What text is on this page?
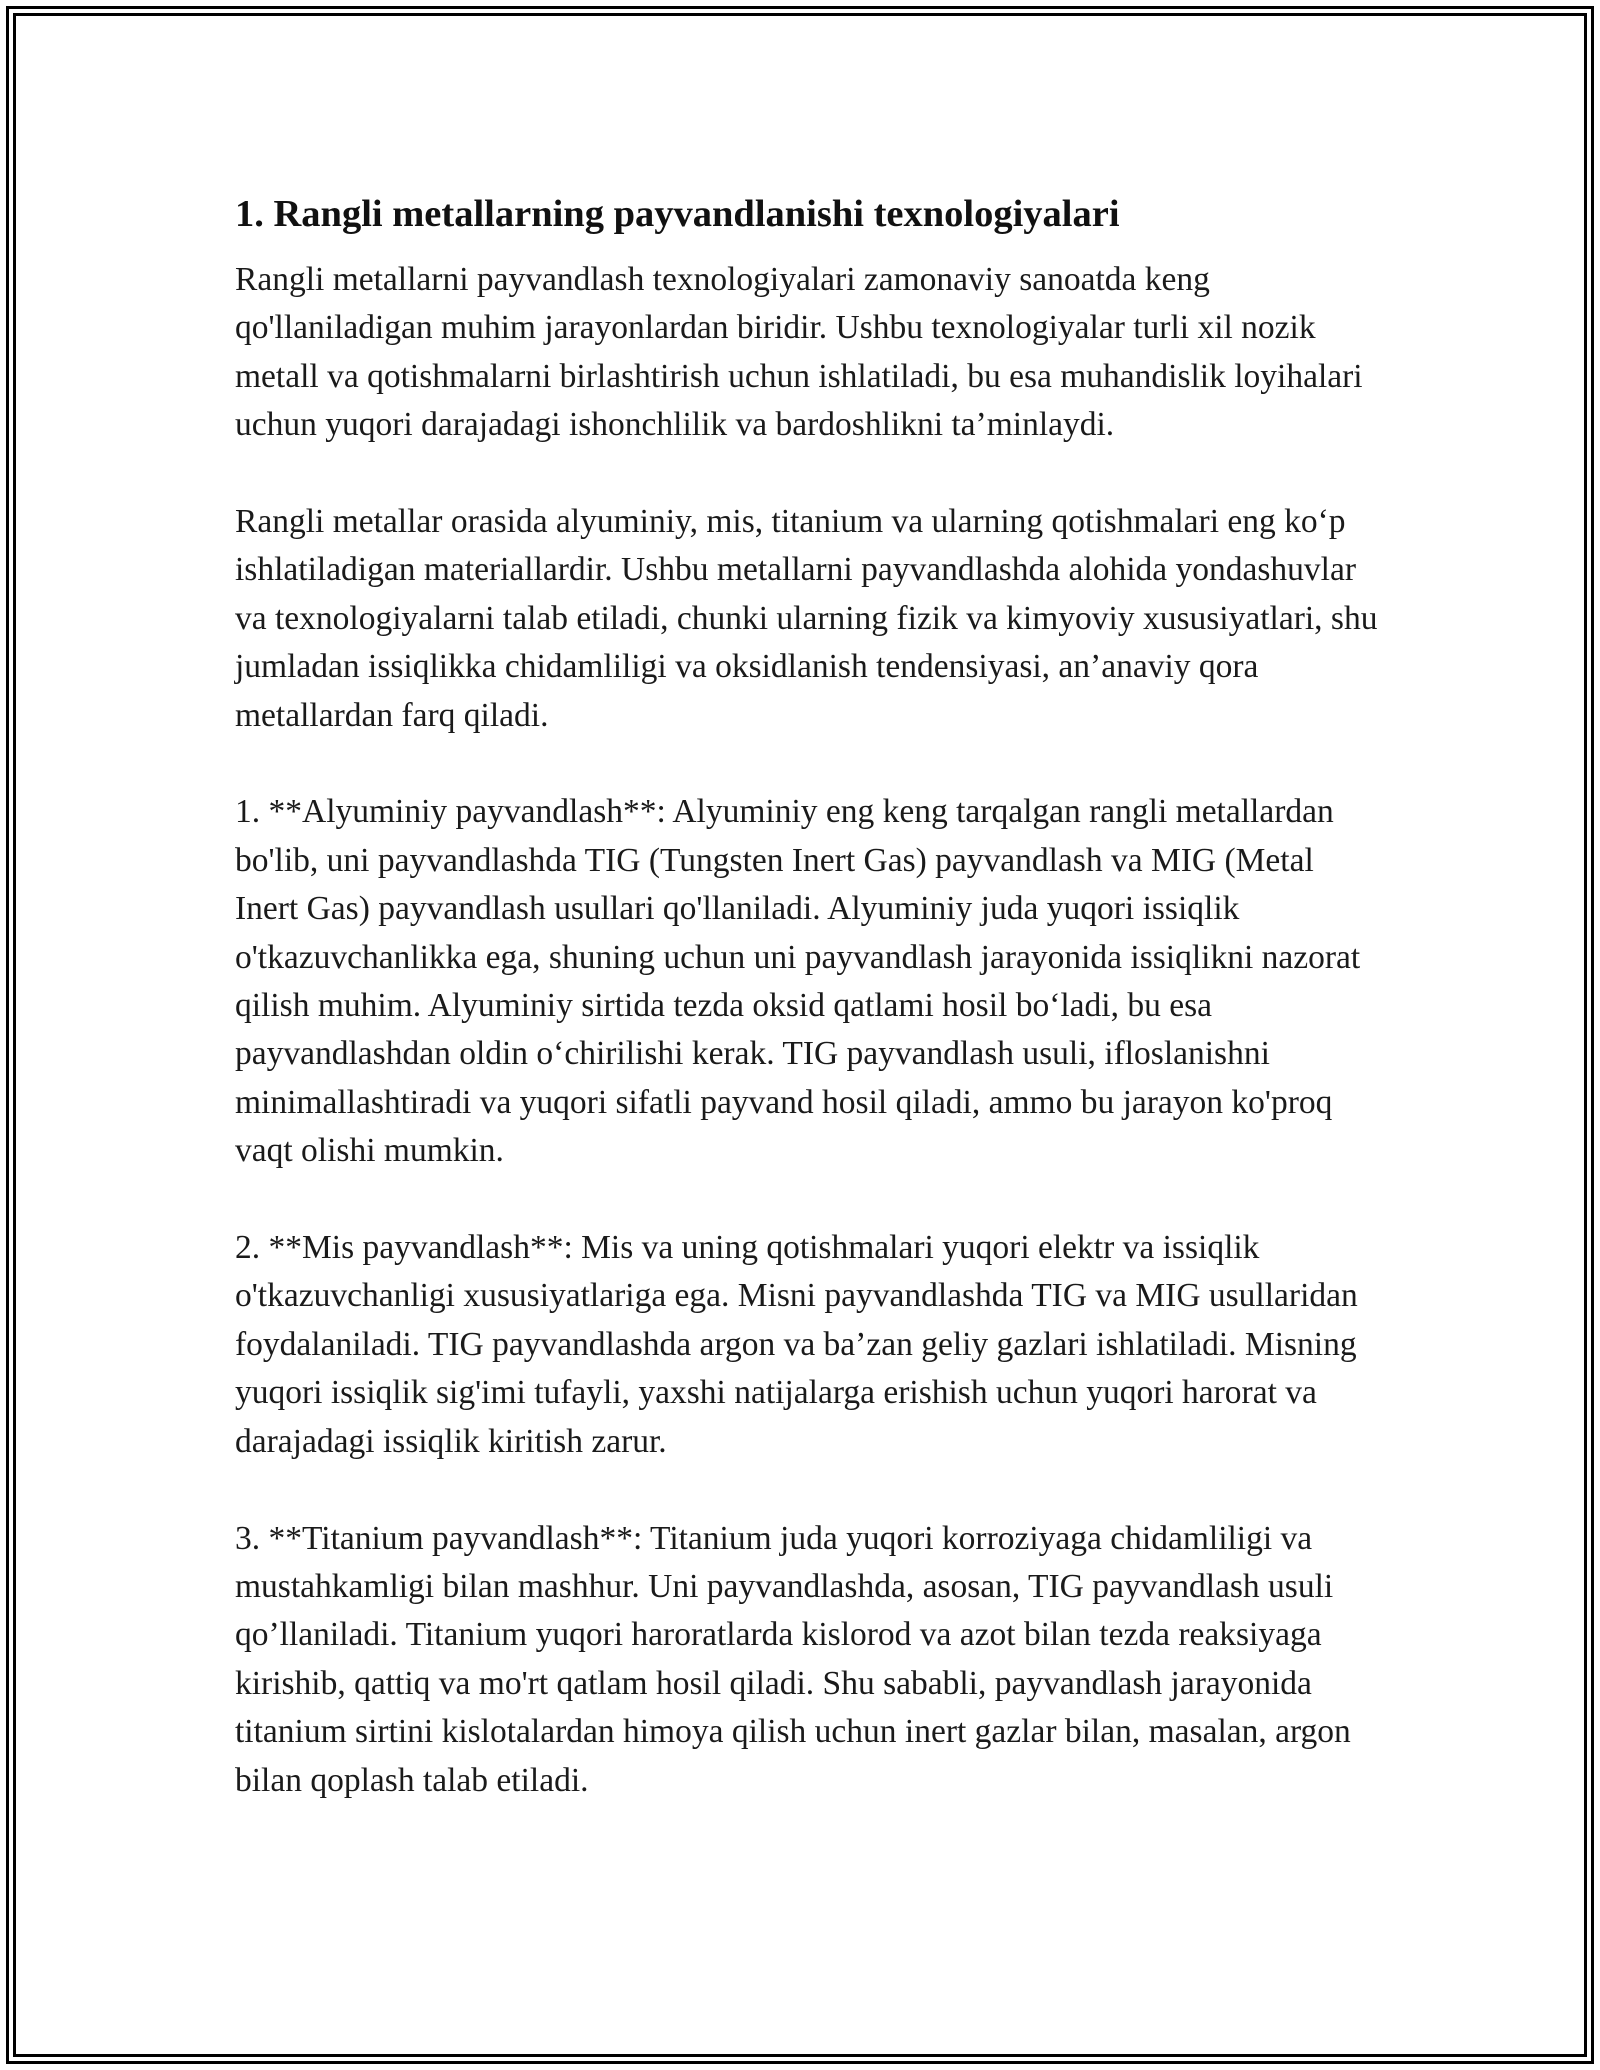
1. Rangli metallarning payvandlanishi texnologiyalari

Rangli metallarni payvandlash texnologiyalari zamonaviy sanoatda keng qo'llaniladigan muhim jarayonlardan biridir. Ushbu texnologiyalar turli xil nozik metall va qotishmalarni birlashtirish uchun ishlatiladi, bu esa muhandislik loyihalari uchun yuqori darajadagi ishonchlilik va bardoshlikni ta’minlaydi.

Rangli metallar orasida alyuminiy, mis, titanium va ularning qotishmalari eng ko‘p ishlatiladigan materiallardir. Ushbu metallarni payvandlashda alohida yondashuvlar va texnologiyalarni talab etiladi, chunki ularning fizik va kimyoviy xususiyatlari, shu jumladan issiqlikka chidamliligi va oksidlanish tendensiyasi, an’anaviy qora metallardan farq qiladi.

1. **Alyuminiy payvandlash**: Alyuminiy eng keng tarqalgan rangli metallardan bo'lib, uni payvandlashda TIG (Tungsten Inert Gas) payvandlash va MIG (Metal Inert Gas) payvandlash usullari qo'llaniladi. Alyuminiy juda yuqori issiqlik o'tkazuvchanlikka ega, shuning uchun uni payvandlash jarayonida issiqlikni nazorat qilish muhim. Alyuminiy sirtida tezda oksid qatlami hosil bo‘ladi, bu esa payvandlashdan oldin o‘chirilishi kerak. TIG payvandlash usuli, ifloslanishni minimallashtiradi va yuqori sifatli payvand hosil qiladi, ammo bu jarayon ko'proq vaqt olishi mumkin.

2. **Mis payvandlash**: Mis va uning qotishmalari yuqori elektr va issiqlik o'tkazuvchanligi xususiyatlariga ega. Misni payvandlashda TIG va MIG usullaridan foydalaniladi. TIG payvandlashda argon va ba’zan geliy gazlari ishlatiladi. Misning yuqori issiqlik sig'imi tufayli, yaxshi natijalarga erishish uchun yuqori harorat va darajadagi issiqlik kiritish zarur.

3. **Titanium payvandlash**: Titanium juda yuqori korroziyaga chidamliligi va mustahkamligi bilan mashhur. Uni payvandlashda, asosan, TIG payvandlash usuli qo’llaniladi. Titanium yuqori haroratlarda kislorod va azot bilan tezda reaksiyaga kirishib, qattiq va mo'rt qatlam hosil qiladi. Shu sababli, payvandlash jarayonida titanium sirtini kislotalardan himoya qilish uchun inert gazlar bilan, masalan, argon bilan qoplash talab etiladi.
